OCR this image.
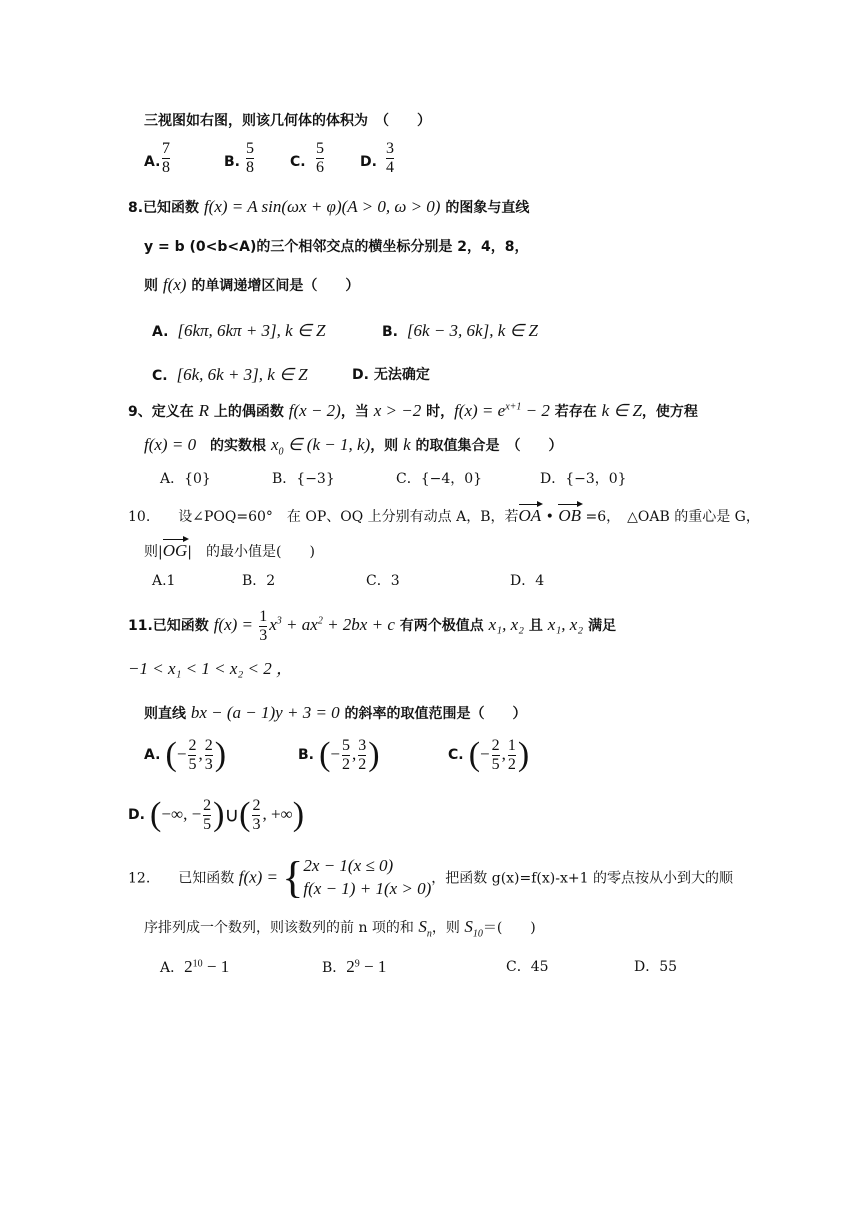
三视图如右图，则该几何体的体积为　（　　）
A.
7
8	B.
5
8	C.
5
6	D.
3
4
8.已知函数 f(x) = A sin(ωx + φ)(A > 0, ω > 0) 的图象与直线
y = b (0<b<A)的三个相邻交点的横坐标分别是 2，4，8，
则 f(x) 的单调递增区间是（　　）
A. [6kπ, 6kπ + 3], k ∈ Z	B. [6k − 3, 6k], k ∈ Z
C. [6k, 6k + 3], k ∈ Z	D. 无法确定
9、定义在 R 上的偶函数 f(x − 2)，当 x > −2 时，$f(x) = e^{x+1} - 2$ 若存在 k ∈ Z，使方程
f(x) = 0　的实数根 $x_0$ ∈ (k − 1, k)，则 k 的取值集合是　（　　）
A．{0}	B．{−3}	C．{−4，0}	D．{−3，0}
10.　　设∠POQ=60°　在 OP、OQ 上分别有动点 A，B，若OA • OB =6，　△OAB 的重心是 G，
则|OG|　的最小值是(　　)
A.1	B．2	C．3	D．4
11.已知函数 $f(x) = \frac{1}{3} x^3 + ax^2 + 2bx + c$ 有两个极值点 x₁, x₂ 且 x₁, x₂ 满足
−1 < x₁ < 1 < x₂ < 2 ，
则直线 bx − (a − 1)y + 3 = 0 的斜率的取值范围是（　　）
A. (− $\frac{2}{5}$ , $\frac{2}{3}$ )	B. (− $\frac{5}{2}$ , $\frac{3}{2}$ )	C. (− $\frac{2}{5}$ , $\frac{1}{2}$ )
D. (−∞, − $\frac{2}{5}$ )∪( $\frac{2}{3}$ , +∞)
12.　　已知函数 f(x) = { 2x − 1(x ≤ 0)
f(x − 1) + 1(x > 0) ，把函数 g(x)=f(x)-x+1 的零点按从小到大的顺
序排列成一个数列，则该数列的前 n 项的和 $S_n$，则 $S_{10}=$(　　)
A．$2^{10} - 1$	B．$2^9 - 1$	C．45	D．55
